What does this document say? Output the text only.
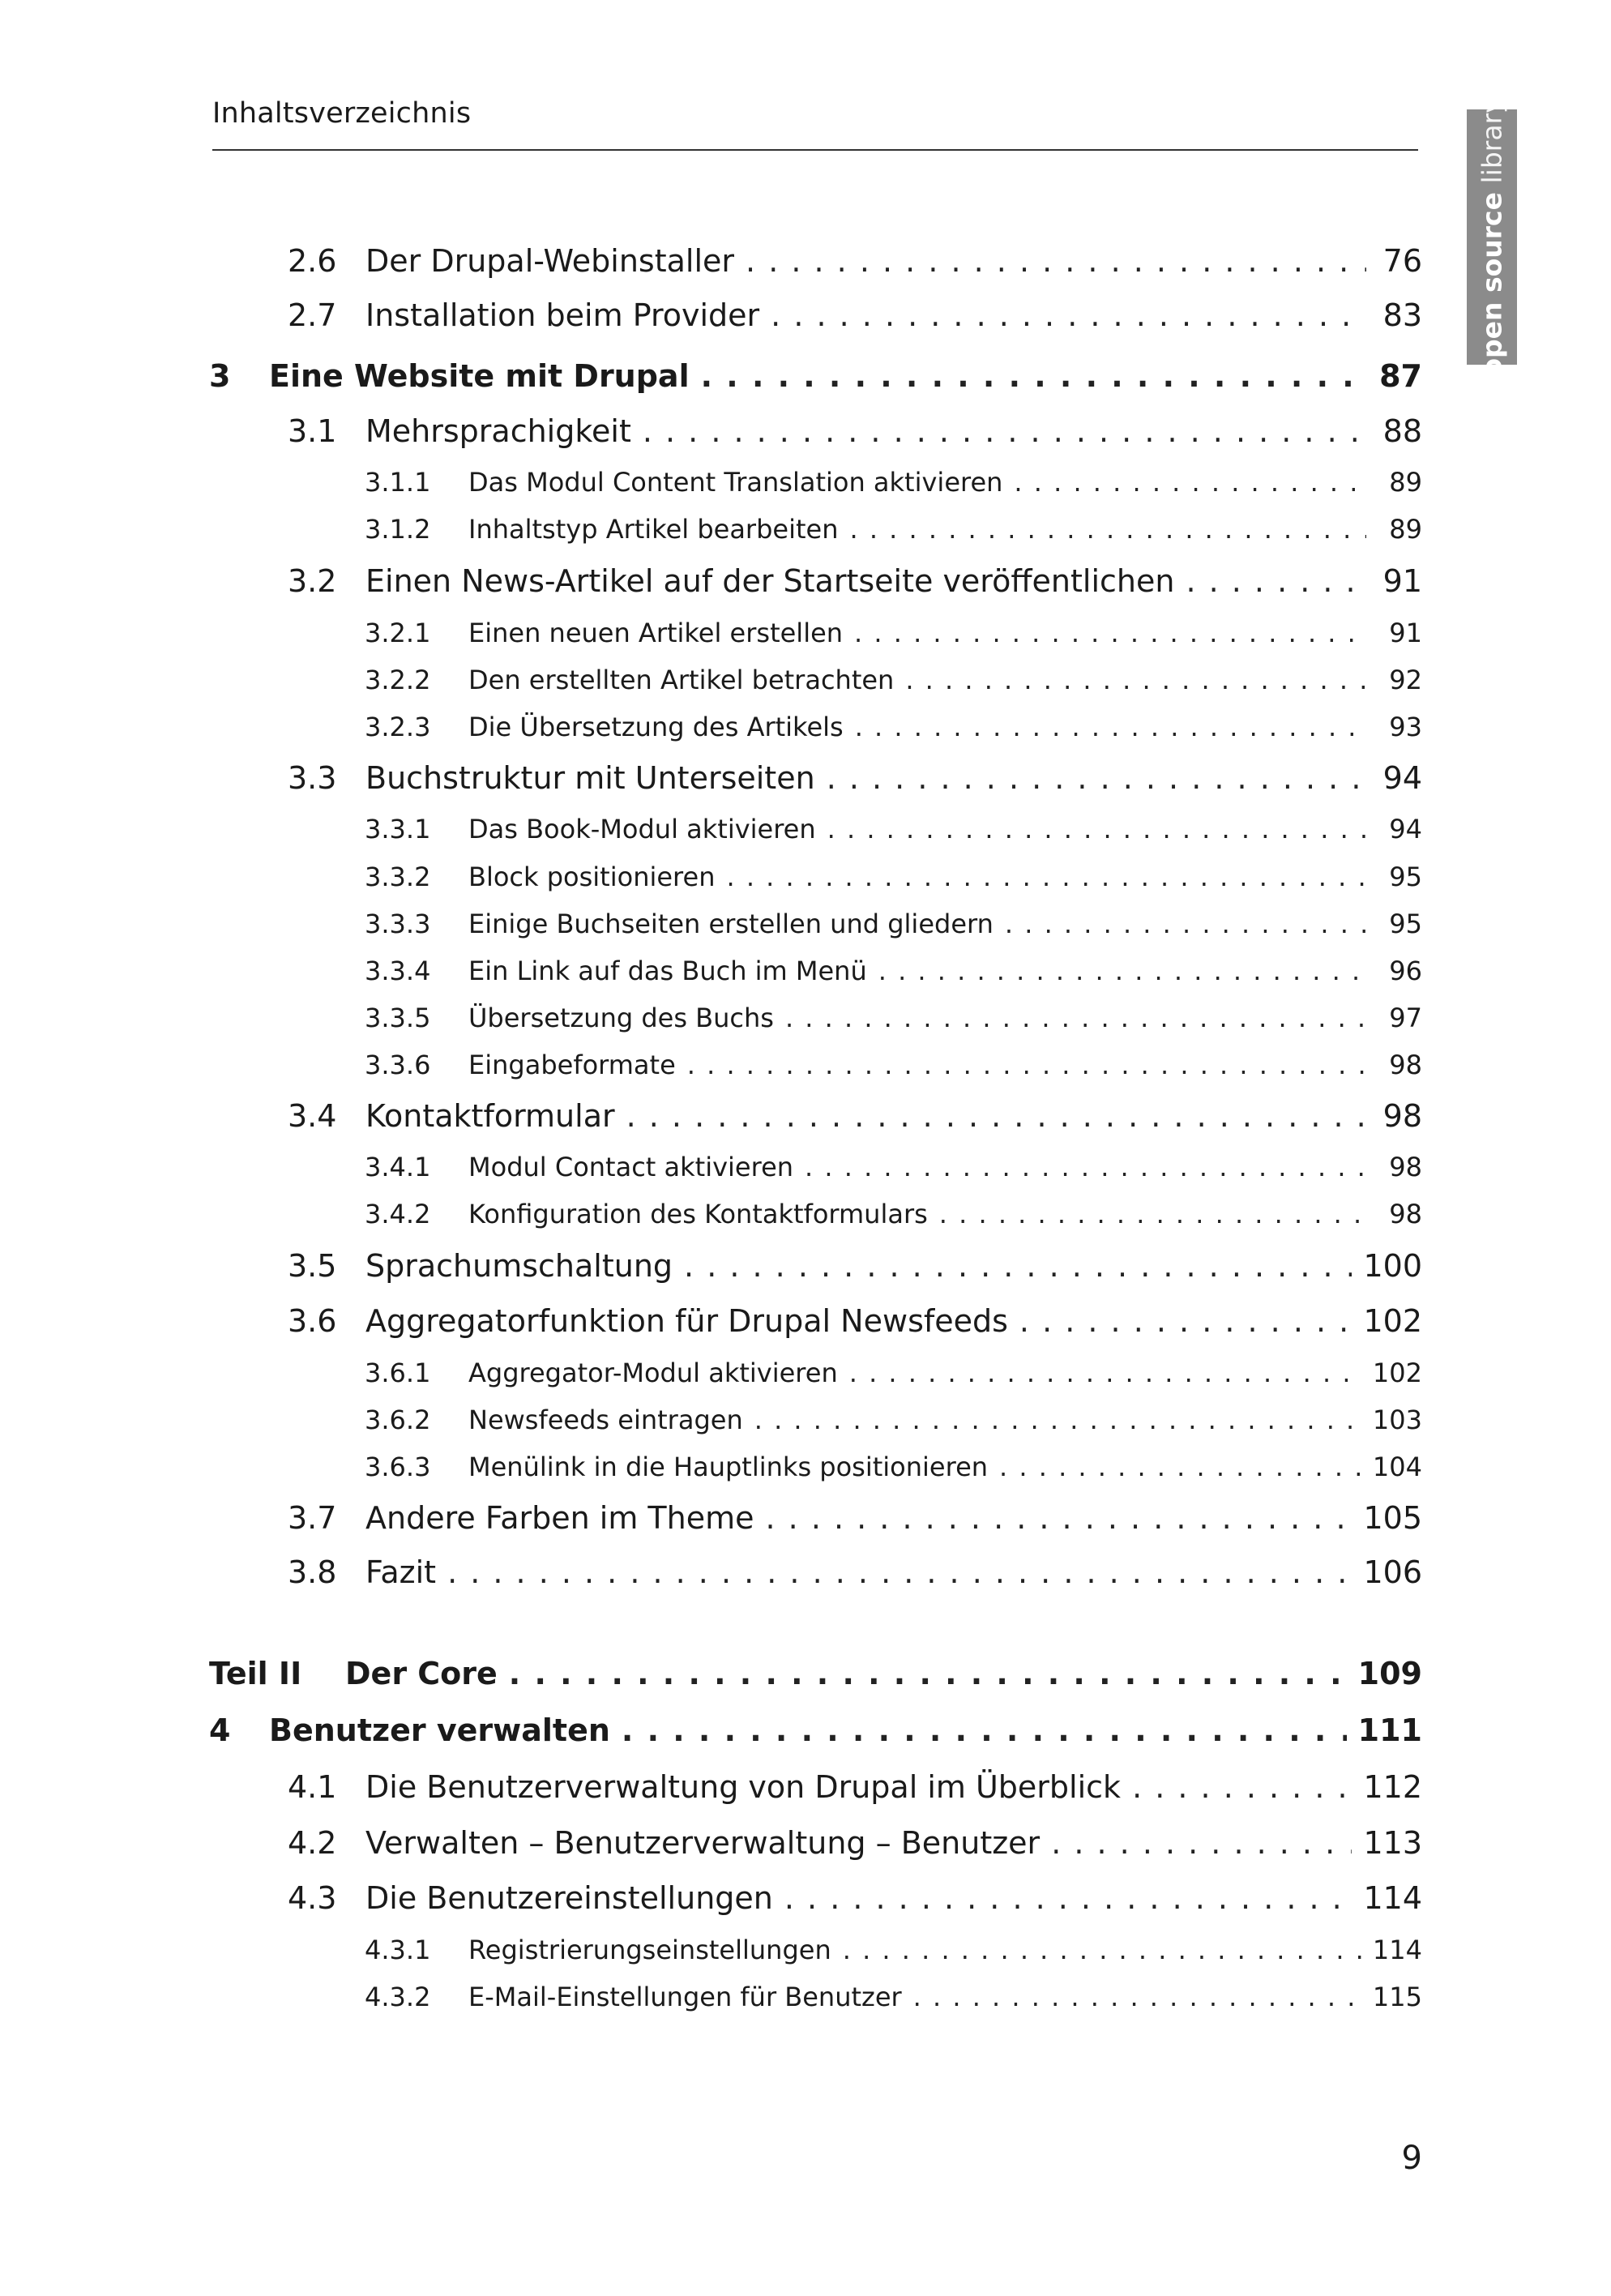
Inhaltsverzeichnis
open source library
2.6 Der Drupal-Webinstaller . . .	76
2.7 Installation beim Provider . . .	83
3	Eine Website mit Drupal . . .	87
3.1 Mehrsprachigkeit . . .	88
3.1.1	Das Modul Content Translation aktivieren . . .	89
3.1.2	Inhaltstyp Artikel bearbeiten . . .	89
3.2 Einen News-Artikel auf der Startseite veröffentlichen . . .	91
3.2.1	Einen neuen Artikel erstellen . . .	91
3.2.2	Den erstellten Artikel betrachten . . .	92
3.2.3	Die Übersetzung des Artikels . . .	93
3.3 Buchstruktur mit Unterseiten . . .	94
3.3.1	Das Book-Modul aktivieren . . .	94
3.3.2	Block positionieren . . .	95
3.3.3	Einige Buchseiten erstellen und gliedern . . .	95
3.3.4	Ein Link auf das Buch im Menü . . .	96
3.3.5	Übersetzung des Buchs . . .	97
3.3.6	Eingabeformate . . .	98
3.4 Kontaktformular . . .	98
3.4.1	Modul Contact aktivieren . . .	98
3.4.2	Konfiguration des Kontaktformulars . . .	98
3.5 Sprachumschaltung . . .	100
3.6 Aggregatorfunktion für Drupal Newsfeeds . . .	102
3.6.1	Aggregator-Modul aktivieren . . .	102
3.6.2	Newsfeeds eintragen . . .	103
3.6.3	Menülink in die Hauptlinks positionieren . . .	104
3.7 Andere Farben im Theme . . .	105
3.8 Fazit . . .	106
Teil II	Der Core . . .	109
4	Benutzer verwalten . . .	111
4.1 Die Benutzerverwaltung von Drupal im Überblick . . .	112
4.2 Verwalten – Benutzerverwaltung – Benutzer . . .	113
4.3 Die Benutzereinstellungen . . .	114
4.3.1	Registrierungseinstellungen . . .	114
4.3.2	E-Mail-Einstellungen für Benutzer . . .	115
9
